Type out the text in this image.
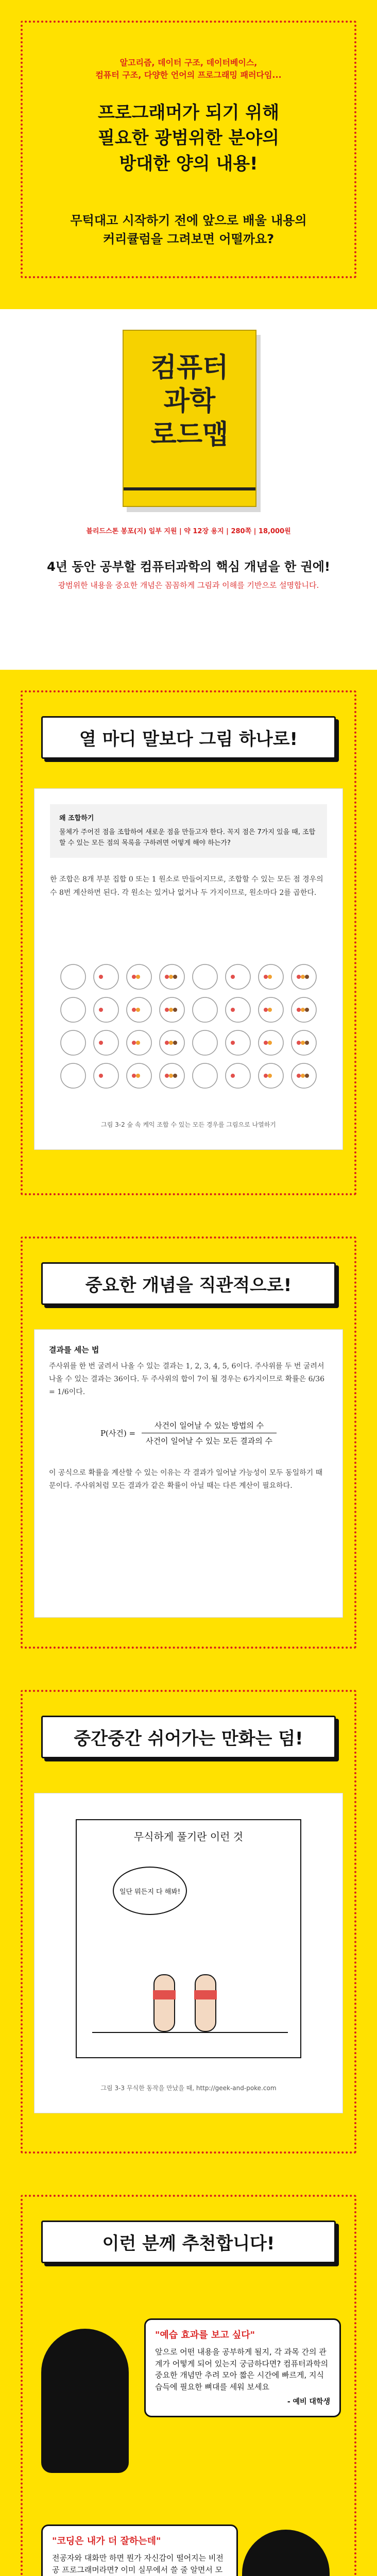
알고리즘, 데이터 구조, 데이터베이스,
컴퓨터 구조, 다양한 언어의 프로그래밍 패러다임...
프로그래머가 되기 위해
필요한 광범위한 분야의
방대한 양의 내용!
무턱대고 시작하기 전에 앞으로 배울 내용의
커리큘럼을 그려보면 어떨까요?
컴퓨터 과학 로드맵
블리드스톤 봉포(지) 일부 지원 | 약 12장 용지 | 280쪽 | 18,000원
4년 동안 공부할 컴퓨터과학의 핵심 개념을 한 권에!
광범위한 내용을 중요한 개념은 꼼꼼하게 그림과 이해를 기반으로 설명합니다.
열 마디 말보다 그림 하나로!
왜 조합하기
물체가 주어진 점을 조합하여 새로운 점을 만들고자 한다. 꼭지 점은 7가지 있을 때, 조합할 수 있는 모든 점의 목록을 구하려면 어떻게 해야 하는가?
한 조합은 8개 부분 집합 0 또는 1 원소로 만들어지므로, 조합할 수 있는 모든 점 경우의 수 8번 계산하면 된다. 각 원소는 있거나 없거나 두 가지이므로, 원소마다 2를 곱한다.
그림 3-2 숲 속 케익 조합 수 있는 모든 경우를 그림으로 나열하기
중요한 개념을 직관적으로!
결과를 세는 법
주사위를 한 번 굴려서 나올 수 있는 결과는 1, 2, 3, 4, 5, 6이다. 주사위를 두 번 굴려서 나올 수 있는 결과는 36이다. 두 주사위의 합이 7이 될 경우는 6가지이므로 확률은 6/36 = 1/6이다.
P(사건) =
사건이 일어날 수 있는 방법의 수
사건이 일어날 수 있는 모든 결과의 수
이 공식으로 확률을 계산할 수 있는 이유는 각 결과가 일어날 가능성이 모두 동일하기 때문이다. 주사위처럼 모든 결과가 같은 확률이 아닐 때는 다른 계산이 필요하다.
중간중간 쉬어가는 만화는 덤!
무식하게 풀기란 이런 것
일단 뭐든지 다 해봐!
그림 3-3 무식한 동작을 만났을 때, http://geek-and-poke.com
이런 분께 추천합니다!
"예습 효과를 보고 싶다"
앞으로 어떤 내용을 공부하게 될지, 각 과목 간의 관계가 어떻게 되어 있는지 궁금하다면? 컴퓨터과학의 중요한 개념만 추려 모아 짧은 시간에 빠르게, 지식 습득에 필요한 뼈대를 세워 보세요
- 예비 대학생
"코딩은 내가 더 잘하는데"
전공자와 대화만 하면 뭔가 자신감이 떨어지는 비전공 프로그래머라면? 이미 실무에서 쓸 줄 알면서 모
